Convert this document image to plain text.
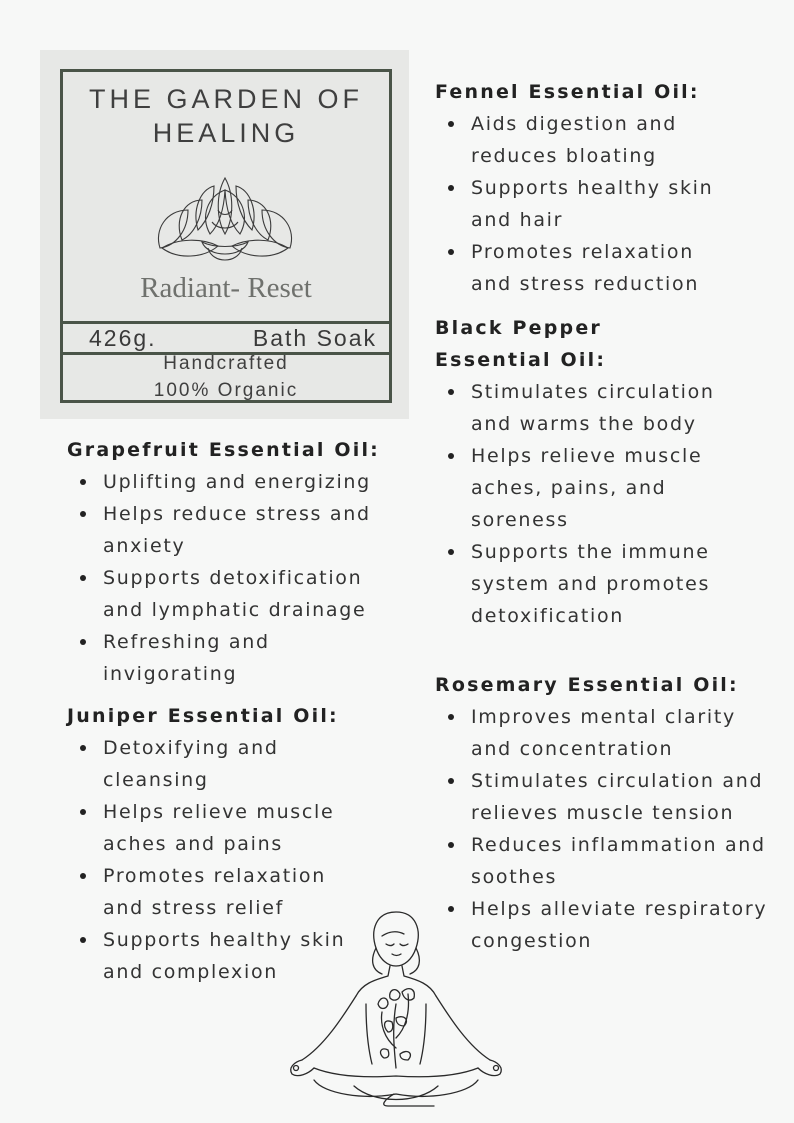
THE GARDEN OF HEALING
Radiant- Reset
426g.	Bath Soak
Handcrafted
100% Organic
Grapefruit Essential Oil:
Uplifting and energizing
Helps reduce stress and anxiety
Supports detoxification and lymphatic drainage
Refreshing and invigorating
Juniper Essential Oil:
Detoxifying and cleansing
Helps relieve muscle aches and pains
Promotes relaxation and stress relief
Supports healthy skin and complexion
Fennel Essential Oil:
Aids digestion and reduces bloating
Supports healthy skin and hair
Promotes relaxation and stress reduction
Black Pepper Essential Oil:
Stimulates circulation and warms the body
Helps relieve muscle aches, pains, and soreness
Supports the immune system and promotes detoxification
Rosemary Essential Oil:
Improves mental clarity and concentration
Stimulates circulation and relieves muscle tension
Reduces inflammation and soothes
Helps alleviate respiratory congestion
